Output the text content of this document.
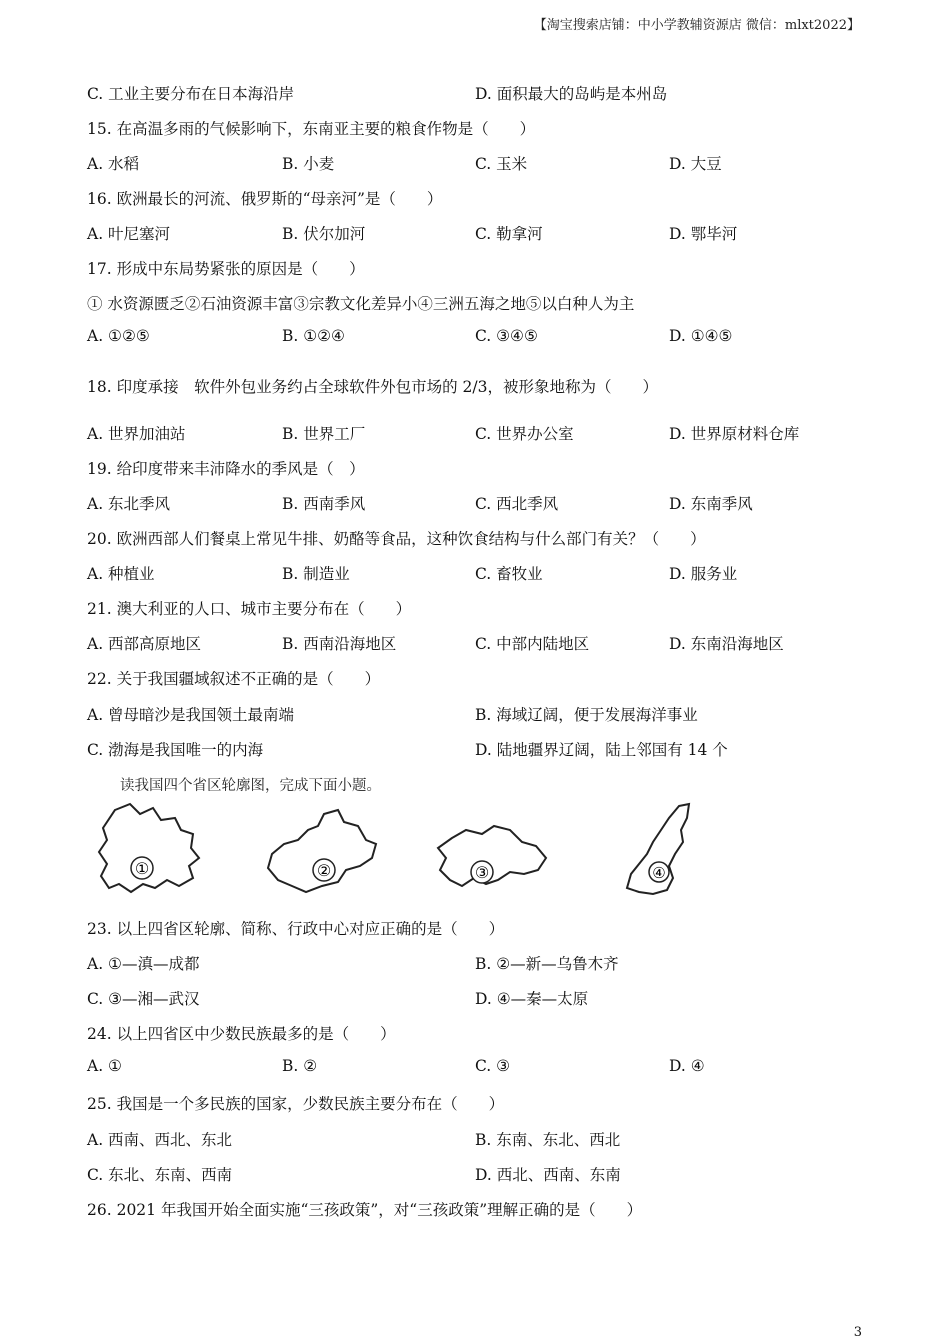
【淘宝搜索店铺：中小学教辅资源店 微信：mlxt2022】
C. 工业主要分布在日本海沿岸	D. 面积最大的岛屿是本州岛
15. 在高温多雨的气候影响下，东南亚主要的粮食作物是（　　）
A. 水稻	B. 小麦	C. 玉米	D. 大豆
16. 欧洲最长的河流、俄罗斯的“母亲河”是（　　）
A. 叶尼塞河	B. 伏尔加河	C. 勒拿河	D. 鄂毕河
17. 形成中东局势紧张的原因是（　　）
① 水资源匮乏②石油资源丰富③宗教文化差异小④三洲五海之地⑤以白种人为主
A. ①②⑤	B. ①②④	C. ③④⑤	D. ①④⑤
18. 印度承接　软件外包业务约占全球软件外包市场的 2/3，被形象地称为（　　）
A. 世界加油站	B. 世界工厂	C. 世界办公室	D. 世界原材料仓库
19. 给印度带来丰沛降水的季风是（　）
A. 东北季风	B. 西南季风	C. 西北季风	D. 东南季风
20. 欧洲西部人们餐桌上常见牛排、奶酪等食品，这种饮食结构与什么部门有关？（　　）
A. 种植业	B. 制造业	C. 畜牧业	D. 服务业
21. 澳大利亚的人口、城市主要分布在（　　）
A. 西部高原地区	B. 西南沿海地区	C. 中部内陆地区	D. 东南沿海地区
22. 关于我国疆域叙述不正确的是（　　）
A. 曾母暗沙是我国领土最南端	B. 海域辽阔，便于发展海洋事业
C. 渤海是我国唯一的内海	D. 陆地疆界辽阔，陆上邻国有 14 个
读我国四个省区轮廓图，完成下面小题。
①	②	③	④
23. 以上四省区轮廓、简称、行政中心对应正确的是（　　）
A. ①—滇—成都	B. ②—新—乌鲁木齐
C. ③—湘—武汉	D. ④—秦—太原
24. 以上四省区中少数民族最多的是（　　）
A. ①	B. ②	C. ③	D. ④
25. 我国是一个多民族的国家，少数民族主要分布在（　　）
A. 西南、西北、东北	B. 东南、东北、西北
C. 东北、东南、西南	D. 西北、西南、东南
26. 2021 年我国开始全面实施“三孩政策”，对“三孩政策”理解正确的是（　　）
3
